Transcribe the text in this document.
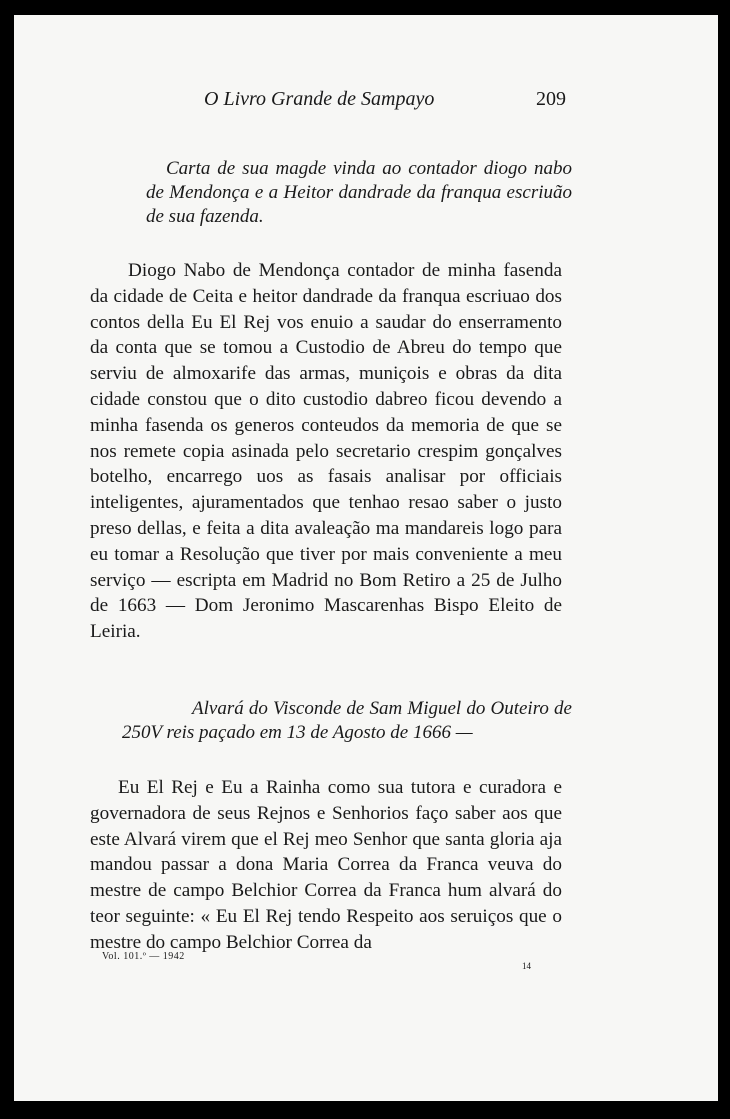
O Livro Grande de Sampayo	209

Carta de sua magde vinda ao contador diogo nabo de Mendonça e a Heitor dandrade da franqua escriuão de sua fazenda.

Diogo Nabo de Mendonça contador de minha fasenda da cidade de Ceita e heitor dandrade da franqua escriuao dos contos della Eu El Rej vos enuio a saudar do enserramento da conta que se tomou a Custodio de Abreu do tempo que serviu de almoxarife das armas, muniçois e obras da dita cidade constou que o dito custodio dabreo ficou devendo a minha fasenda os generos conteudos da memoria de que se nos remete copia asinada pelo secretario crespim gonçalves botelho, encarrego uos as fasais analisar por officiais inteligentes, ajuramentados que tenhao resao saber o justo preso dellas, e feita a dita avaleação ma mandareis logo para eu tomar a Resolução que tiver por mais conveniente a meu serviço — escripta em Madrid no Bom Retiro a 25 de Julho de 1663 — Dom Jeronimo Mascarenhas Bispo Eleito de Leiria.

Alvará do Visconde de Sam Miguel do Outeiro de 250V reis paçado em 13 de Agosto de 1666 —

Eu El Rej e Eu a Rainha como sua tutora e curadora e governadora de seus Rejnos e Senhorios faço saber aos que este Alvará virem que el Rej meo Senhor que santa gloria aja mandou passar a dona Maria Correa da Franca veuva do mestre de campo Belchior Correa da Franca hum alvará do teor seguinte: « Eu El Rej tendo Respeito aos seruiços que o mestre do campo Belchior Correa da

Vol. 101.º — 1942
14
